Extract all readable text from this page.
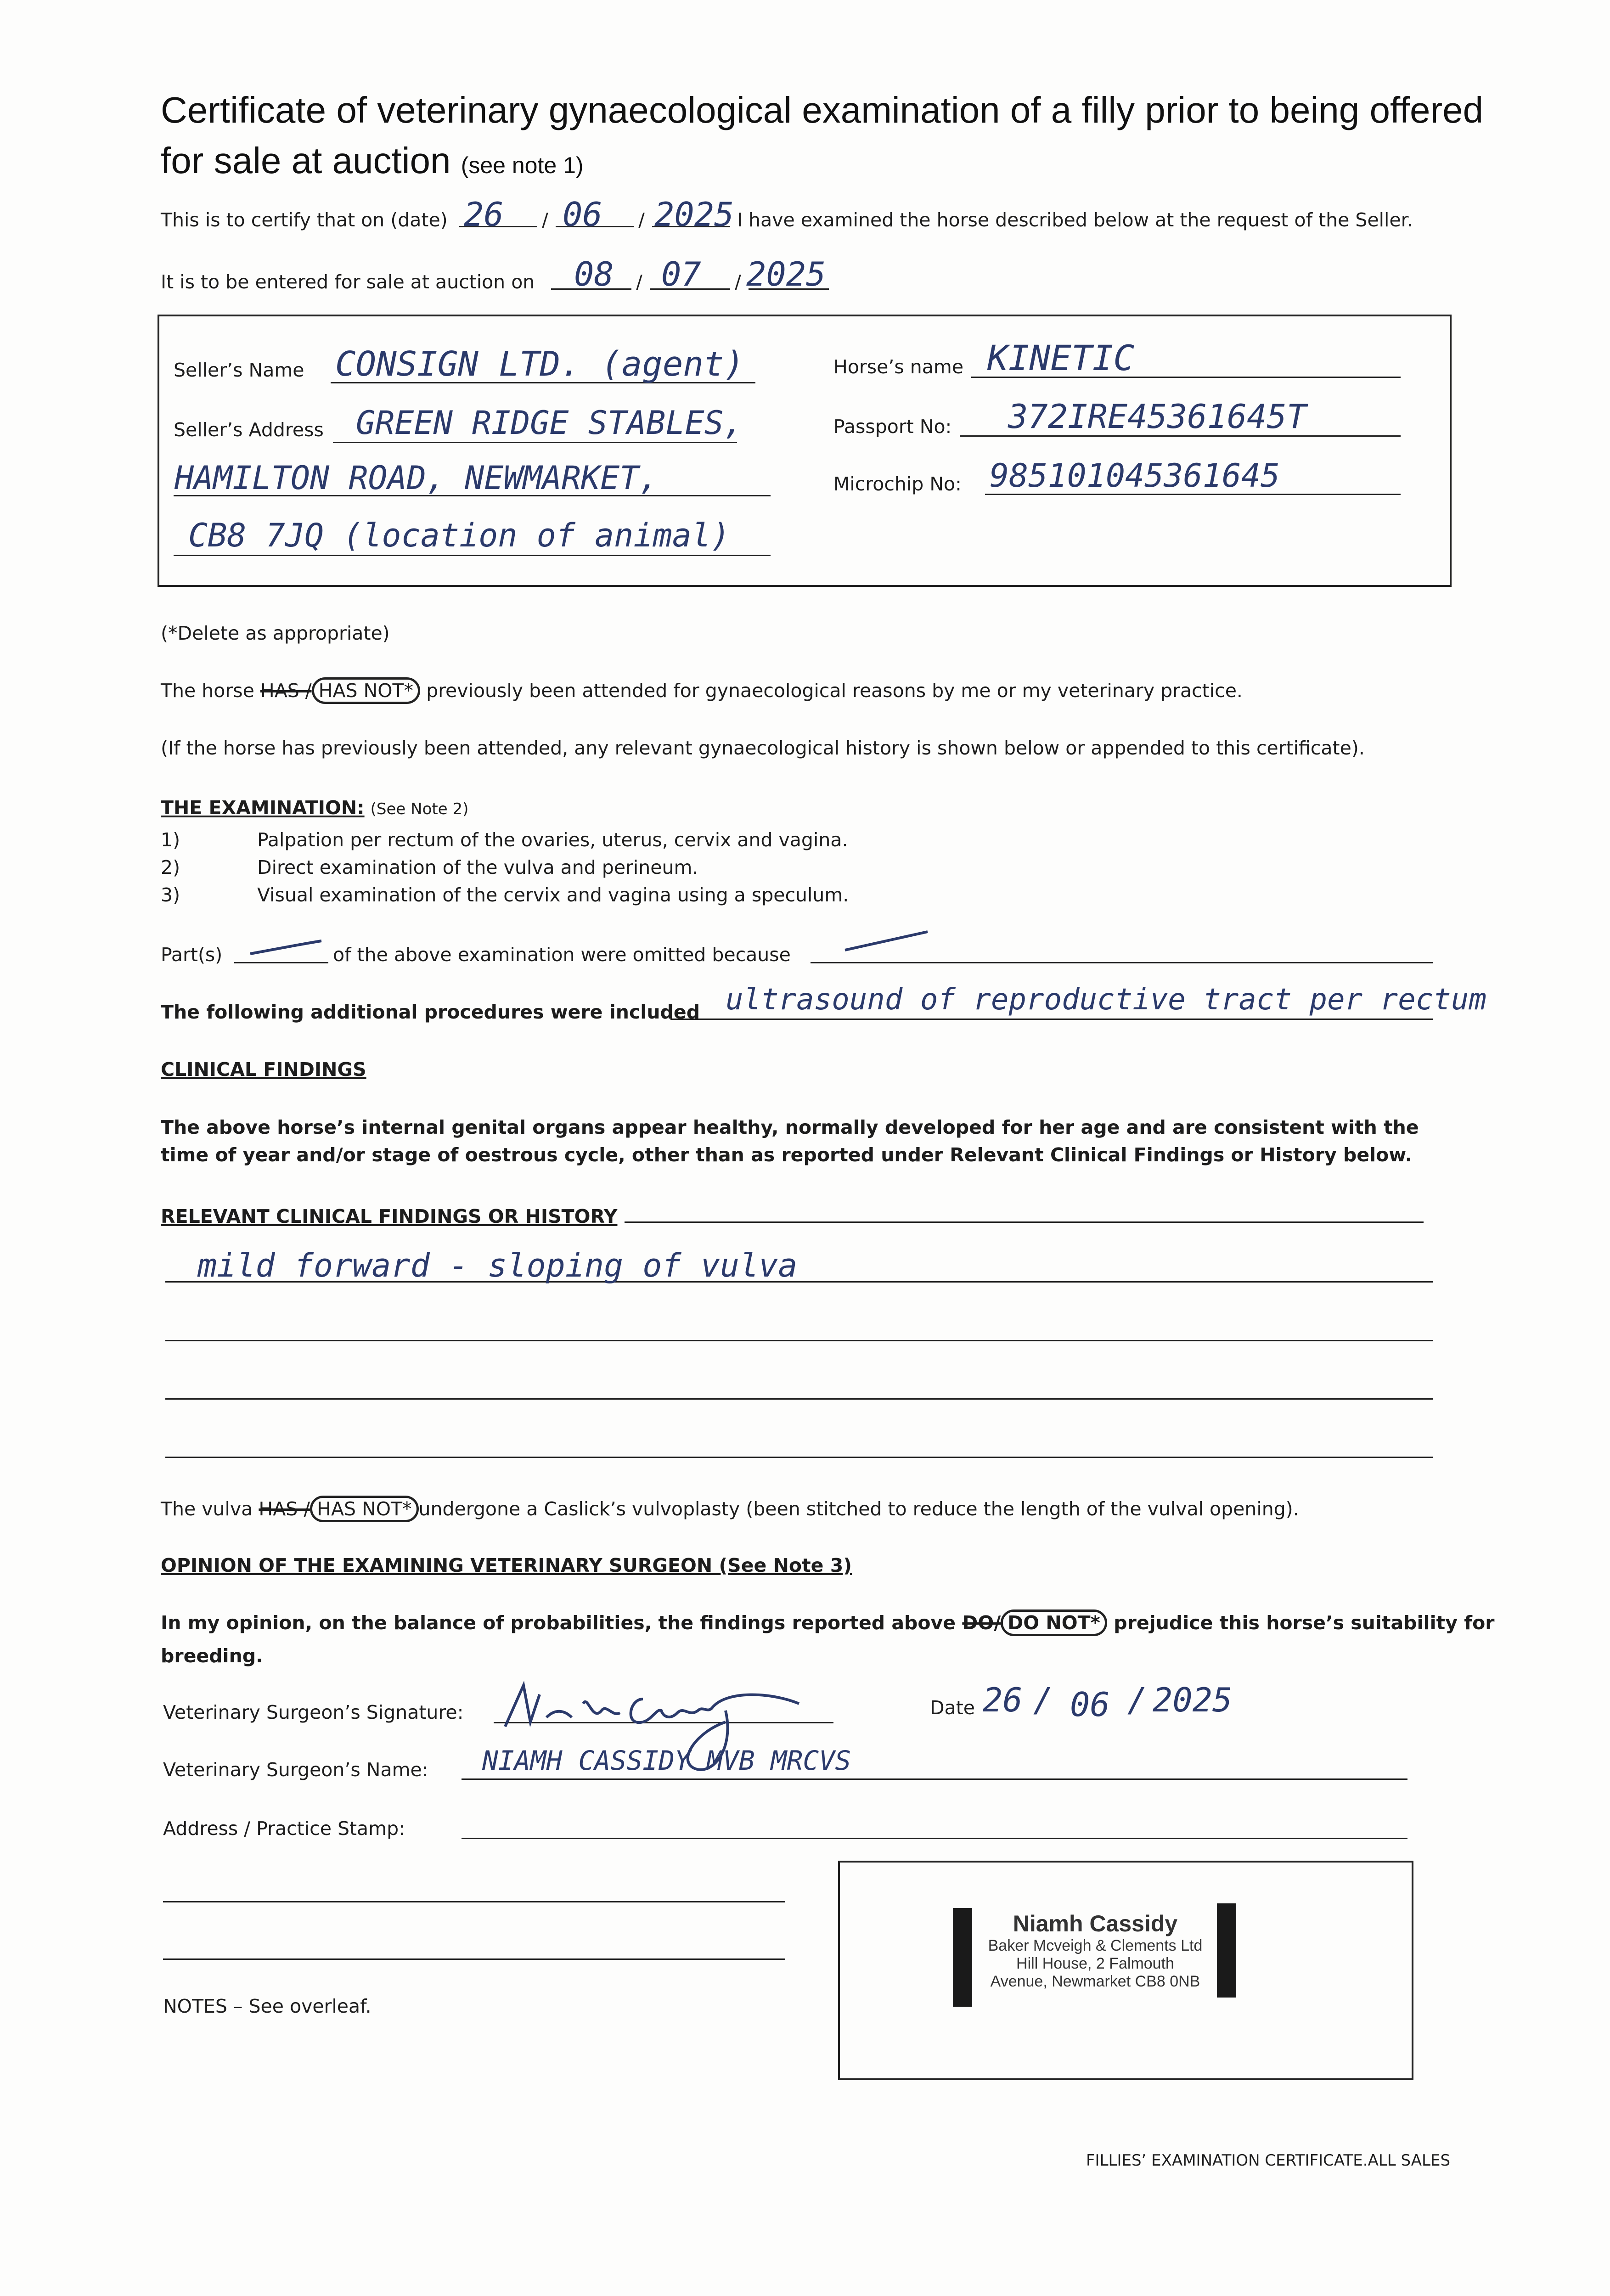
Certificate of veterinary gynaecological examination of a filly prior to being offered for sale at auction (see note 1)
This is to certify that on (date) 26 / 06 / 2025 I have examined the horse described below at the request of the Seller.
It is to be entered for sale at auction on 08 / 07 / 2025
Seller’s Name CONSIGN LTD. (agent)
Seller’s Address GREEN RIDGE STABLES,
HAMILTON ROAD, NEWMARKET,
CB8 7JQ (location of animal)
Horse’s name KINETIC
Passport No: 372IRE45361645T
Microchip No: 985101045361645
(*Delete as appropriate)
The horse HAS / HAS NOT* previously been attended for gynaecological reasons by me or my veterinary practice.
(If the horse has previously been attended, any relevant gynaecological history is shown below or appended to this certificate).
THE EXAMINATION: (See Note 2)
1)	Palpation per rectum of the ovaries, uterus, cervix and vagina.
2)	Direct examination of the vulva and perineum.
3)	Visual examination of the cervix and vagina using a speculum.
Part(s)	of the above examination were omitted because
The following additional procedures were included ultrasound of reproductive tract per rectum
CLINICAL FINDINGS
The above horse’s internal genital organs appear healthy, normally developed for her age and are consistent with the time of year and/or stage of oestrous cycle, other than as reported under Relevant Clinical Findings or History below.
RELEVANT CLINICAL FINDINGS OR HISTORY
mild forward - sloping of vulva
The vulva HAS / HAS NOT* undergone a Caslick’s vulvoplasty (been stitched to reduce the length of the vulval opening).
OPINION OF THE EXAMINING VETERINARY SURGEON (See Note 3)
In my opinion, on the balance of probabilities, the findings reported above DO/ DO NOT* prejudice this horse’s suitability for
breeding.
Veterinary Surgeon’s Signature:	Date 26 / 06 / 2025
Veterinary Surgeon’s Name: NIAMH CASSIDY MVB MRCVS
Address / Practice Stamp:
NOTES – See overleaf.
Niamh Cassidy
Baker Mcveigh & Clements Ltd
Hill House, 2 Falmouth
Avenue, Newmarket CB8 0NB
FILLIES’ EXAMINATION CERTIFICATE.ALL SALES
